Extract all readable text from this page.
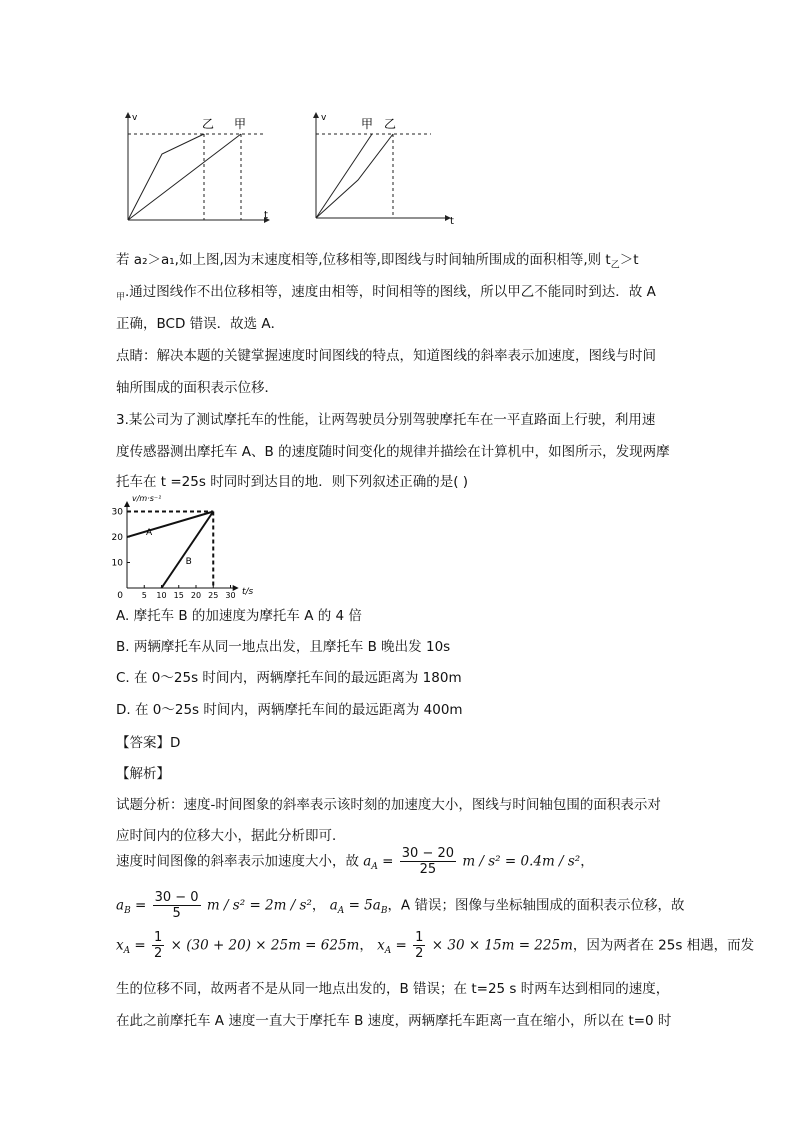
v
t
乙 甲	v
t
甲 乙
若 a₂＞a₁,如上图,因为末速度相等,位移相等,即图线与时间轴所围成的面积相等,则 $t_乙>t$
$_甲$.通过图线作不出位移相等，速度由相等，时间相等的图线，所以甲乙不能同时到达．故 A
正确，BCD 错误．故选 A．
点睛：解决本题的关键掌握速度时间图线的特点，知道图线的斜率表示加速度，图线与时间
轴所围成的面积表示位移．
3.某公司为了测试摩托车的性能，让两驾驶员分别驾驶摩托车在一平直路面上行驶，利用速
度传感器测出摩托车 A、B 的速度随时间变化的规律并描绘在计算机中，如图所示，发现两摩
托车在 t =25s 时同时到达目的地．则下列叙述正确的是( )
v/m·s⁻¹
t/s
30
20
10
0 5 10 15 20 25 30
A
B
A. 摩托车 B 的加速度为摩托车 A 的 4 倍
B. 两辆摩托车从同一地点出发，且摩托车 B 晚出发 10s
C. 在 0～25s 时间内，两辆摩托车间的最远距离为 180m
D. 在 0～25s 时间内，两辆摩托车间的最远距离为 400m
【答案】D
【解析】
试题分析：速度-时间图象的斜率表示该时刻的加速度大小，图线与时间轴包围的面积表示对
应时间内的位移大小，据此分析即可．
速度时间图像的斜率表示加速度大小，故 $a_A = \frac{30 - 20}{25}$ m / s² = 0.4m / s²，
$a_B = \frac{30 - 0}{5}$ m / s² = 2m / s²， $a_A = 5a_B$，A 错误；图像与坐标轴围成的面积表示位移，故
$x_A = \frac{1}{2} \times (30 + 20) \times 25m = 625m$， $x_A = \frac{1}{2} \times 30 \times 15m = 225m$，因为两者在 25s 相遇，而发
生的位移不同，故两者不是从同一地点出发的，B 错误；在 t=25 s 时两车达到相同的速度，
在此之前摩托车 A 速度一直大于摩托车 B 速度，两辆摩托车距离一直在缩小，所以在 t=0 时
